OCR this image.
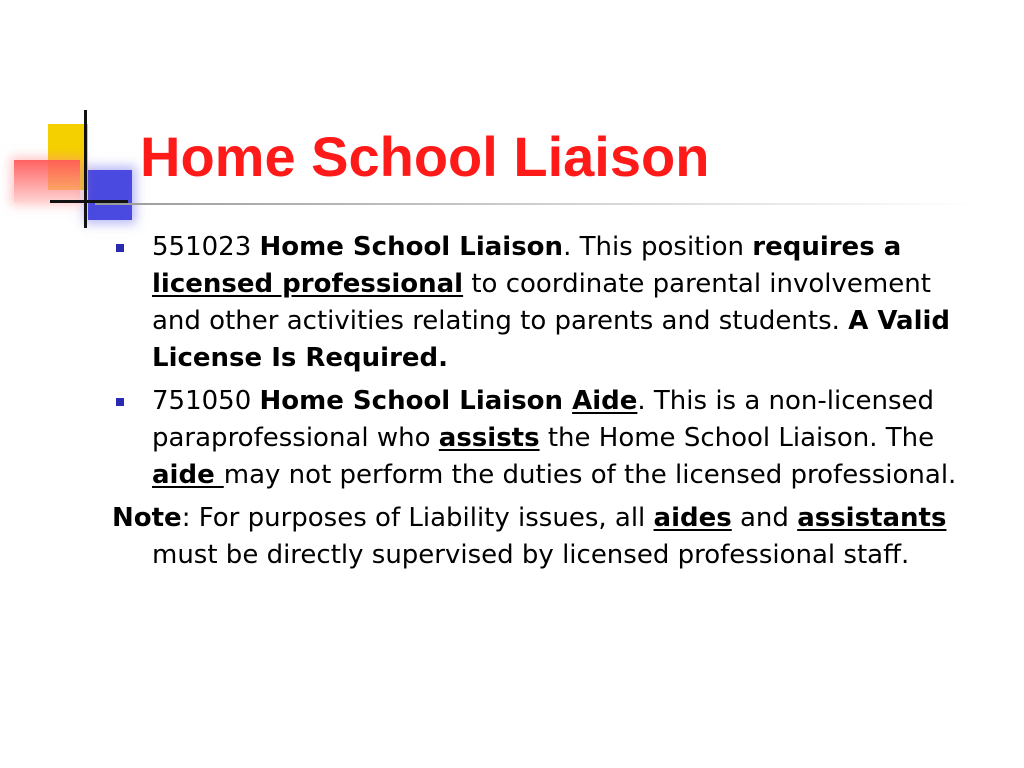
Home School Liaison
551023 Home School Liaison. This position requires a licensed professional to coordinate parental involvement and other activities relating to parents and students. A Valid License Is Required.
751050 Home School Liaison Aide. This is a non-licensed paraprofessional who assists the Home School Liaison. The aide may not perform the duties of the licensed professional.
Note: For purposes of Liability issues, all aides and assistants must be directly supervised by licensed professional staff.
